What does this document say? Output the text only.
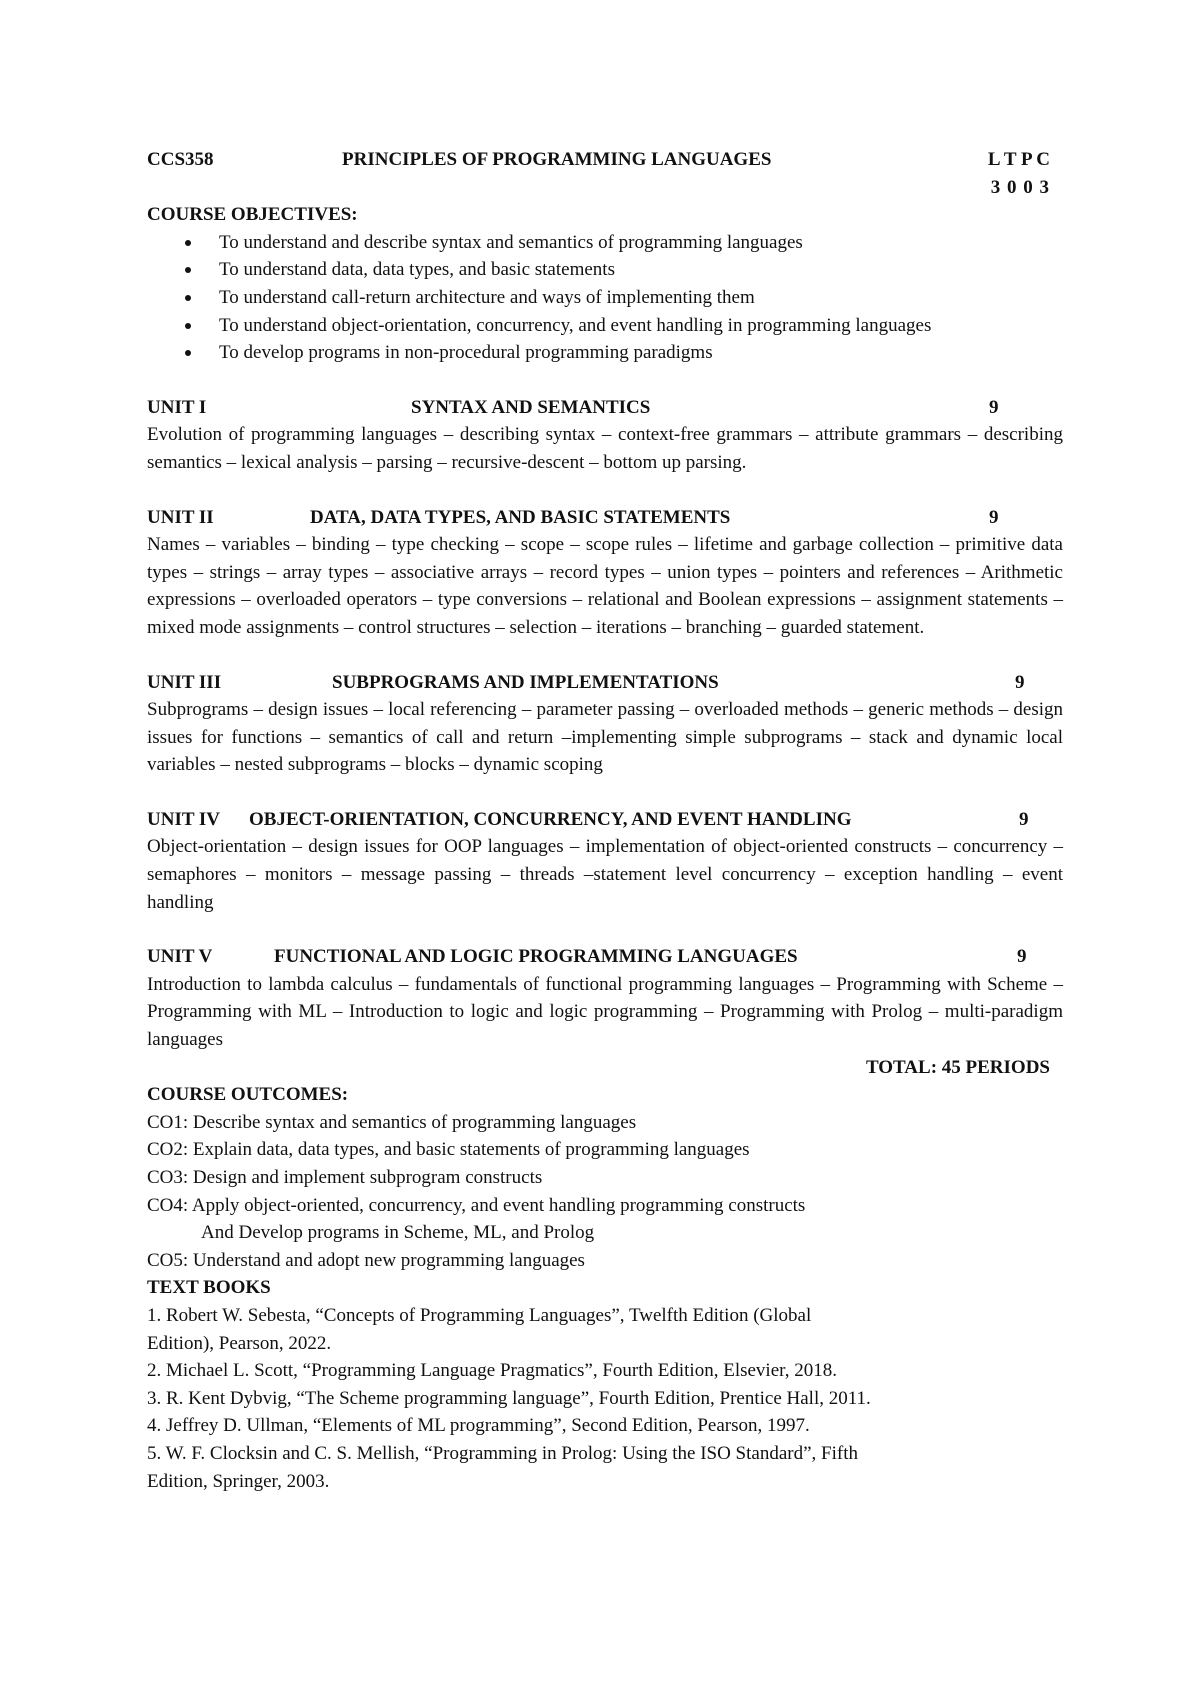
CCS358	PRINCIPLES OF PROGRAMMING LANGUAGES	L T P C
3 0 0 3
COURSE OBJECTIVES:
To understand and describe syntax and semantics of programming languages
To understand data, data types, and basic statements
To understand call-return architecture and ways of implementing them
To understand object-orientation, concurrency, and event handling in programming languages
To develop programs in non-procedural programming paradigms
UNIT I	SYNTAX AND SEMANTICS	9
Evolution of programming languages – describing syntax – context-free grammars – attribute grammars – describing semantics – lexical analysis – parsing – recursive-descent – bottom up parsing.
UNIT II	DATA, DATA TYPES, AND BASIC STATEMENTS	9
Names – variables – binding – type checking – scope – scope rules – lifetime and garbage collection – primitive data types – strings – array types – associative arrays – record types – union types – pointers and references – Arithmetic expressions – overloaded operators – type conversions – relational and Boolean expressions – assignment statements – mixed mode assignments – control structures – selection – iterations – branching – guarded statement.
UNIT III	SUBPROGRAMS AND IMPLEMENTATIONS	9
Subprograms – design issues – local referencing – parameter passing – overloaded methods – generic methods – design issues for functions – semantics of call and return –implementing simple subprograms – stack and dynamic local variables – nested subprograms – blocks – dynamic scoping
UNIT IV OBJECT-ORIENTATION, CONCURRENCY, AND EVENT HANDLING	9
Object-orientation – design issues for OOP languages – implementation of object-oriented constructs – concurrency – semaphores – monitors – message passing – threads –statement level concurrency – exception handling – event handling
UNIT V	FUNCTIONAL AND LOGIC PROGRAMMING LANGUAGES	9
Introduction to lambda calculus – fundamentals of functional programming languages – Programming with Scheme – Programming with ML – Introduction to logic and logic programming – Programming with Prolog – multi-paradigm languages
TOTAL: 45 PERIODS
COURSE OUTCOMES:
CO1: Describe syntax and semantics of programming languages
CO2: Explain data, data types, and basic statements of programming languages
CO3: Design and implement subprogram constructs
CO4: Apply object-oriented, concurrency, and event handling programming constructs
And Develop programs in Scheme, ML, and Prolog
CO5: Understand and adopt new programming languages
TEXT BOOKS
1. Robert W. Sebesta, “Concepts of Programming Languages”, Twelfth Edition (Global
Edition), Pearson, 2022.
2. Michael L. Scott, “Programming Language Pragmatics”, Fourth Edition, Elsevier, 2018.
3. R. Kent Dybvig, “The Scheme programming language”, Fourth Edition, Prentice Hall, 2011.
4. Jeffrey D. Ullman, “Elements of ML programming”, Second Edition, Pearson, 1997.
5. W. F. Clocksin and C. S. Mellish, “Programming in Prolog: Using the ISO Standard”, Fifth
Edition, Springer, 2003.
